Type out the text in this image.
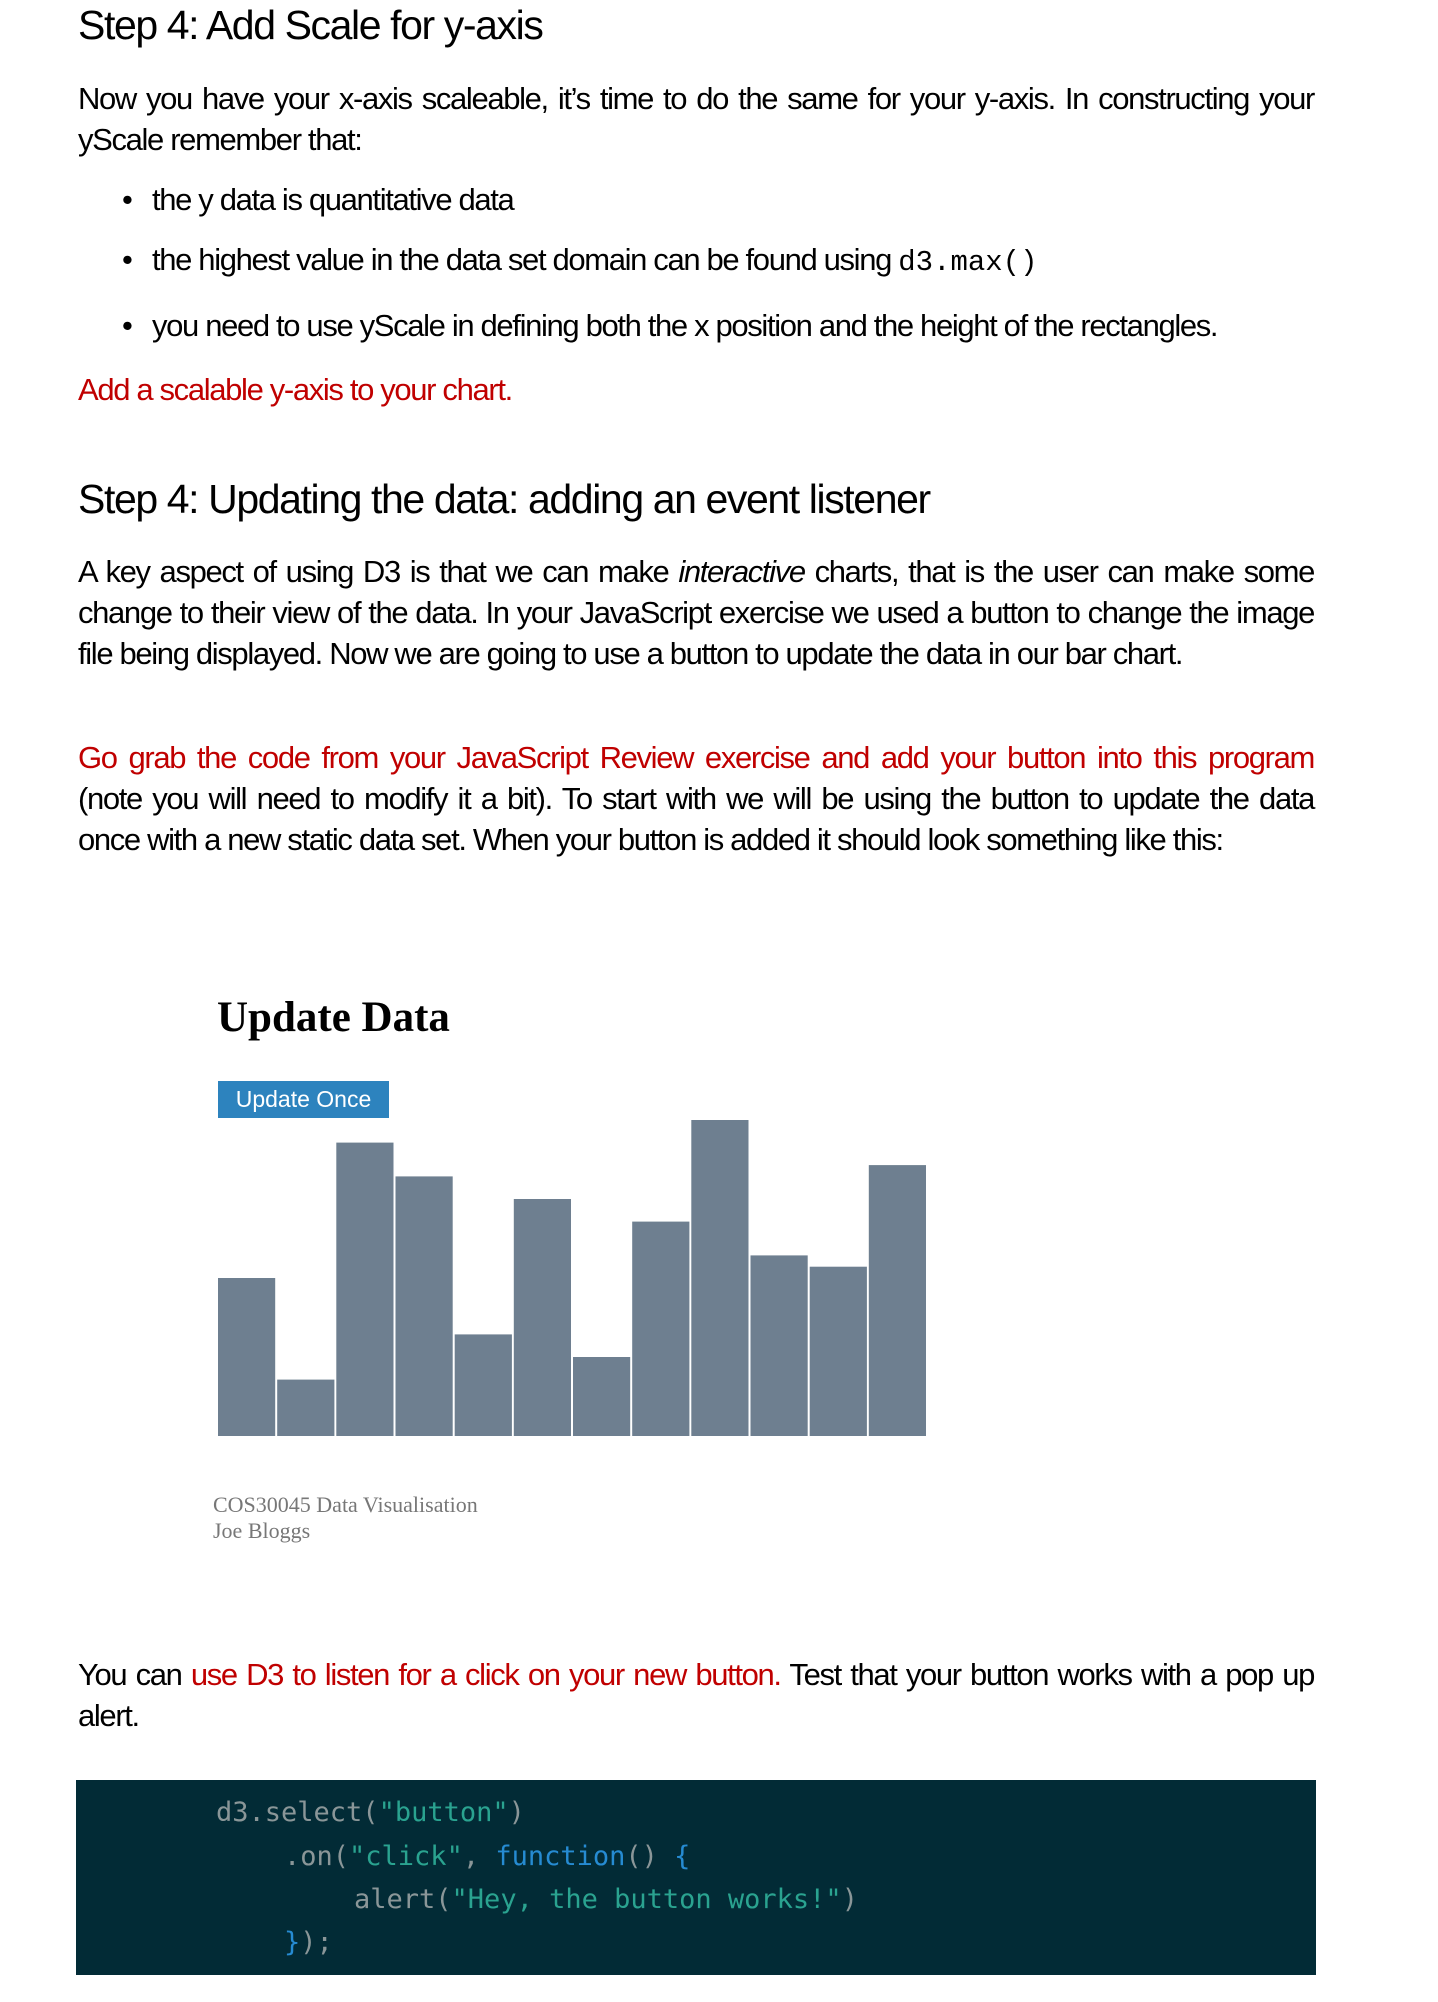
Step 4: Add Scale for y-axis

Now you have your x-axis scaleable, it’s time to do the same for your y-axis. In constructing your yScale remember that:

• the y data is quantitative data
• the highest value in the data set domain can be found using d3.max()
• you need to use yScale in defining both the x position and the height of the rectangles.

Add a scalable y-axis to your chart.

Step 4: Updating the data: adding an event listener

A key aspect of using D3 is that we can make interactive charts, that is the user can make some change to their view of the data. In your JavaScript exercise we used a button to change the image file being displayed. Now we are going to use a button to update the data in our bar chart.

Go grab the code from your JavaScript Review exercise and add your button into this program (note you will need to modify it a bit). To start with we will be using the button to update the data once with a new static data set. When your button is added it should look something like this:

Update Data
Update Once
COS30045 Data Visualisation
Joe Bloggs

You can use D3 to listen for a click on your new button. Test that your button works with a pop up alert.

d3.select("button")
.on("click", function() {
alert("Hey, the button works!")
});
